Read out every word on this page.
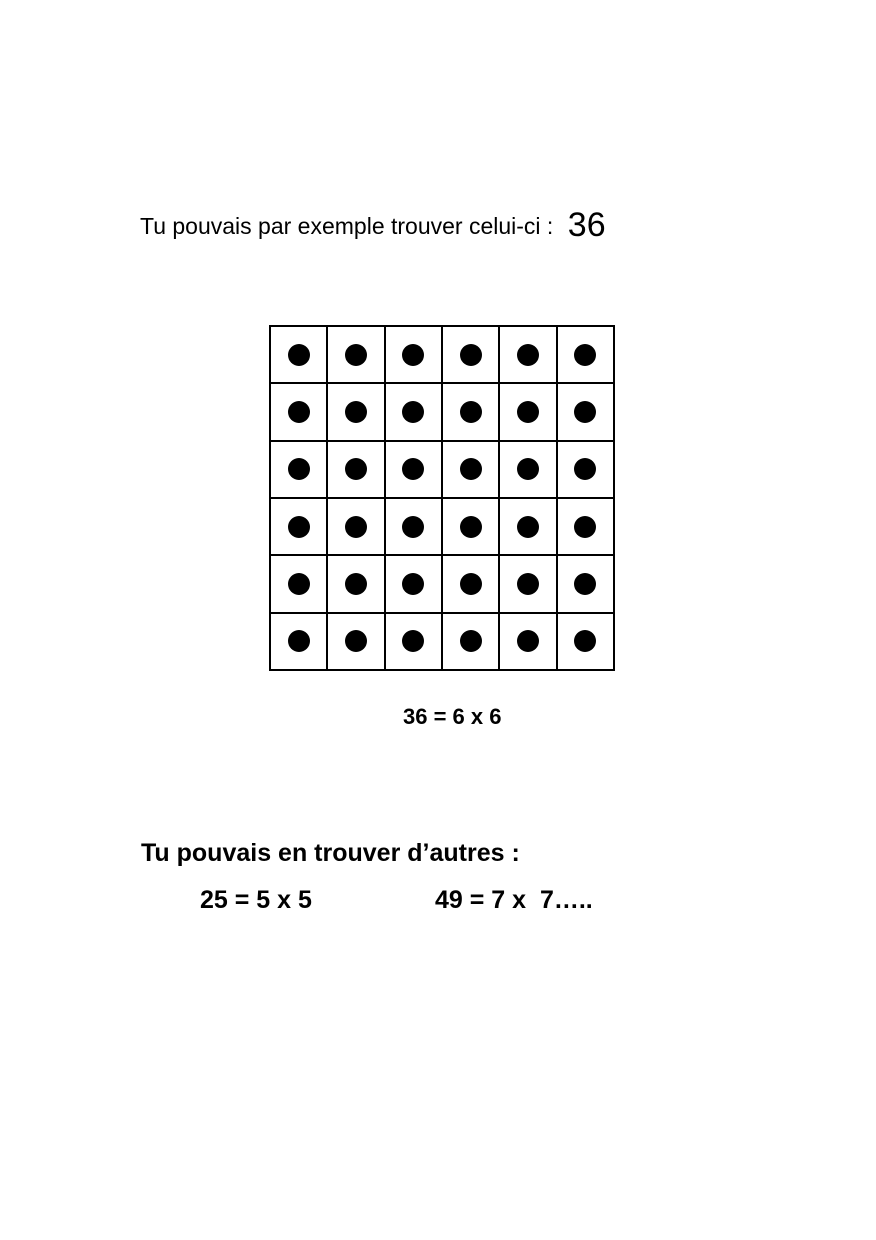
Tu pouvais par exemple trouver celui-ci : 36
36 = 6 x 6
Tu pouvais en trouver d’autres :
25 = 5 x 5	49 = 7 x  7…..
